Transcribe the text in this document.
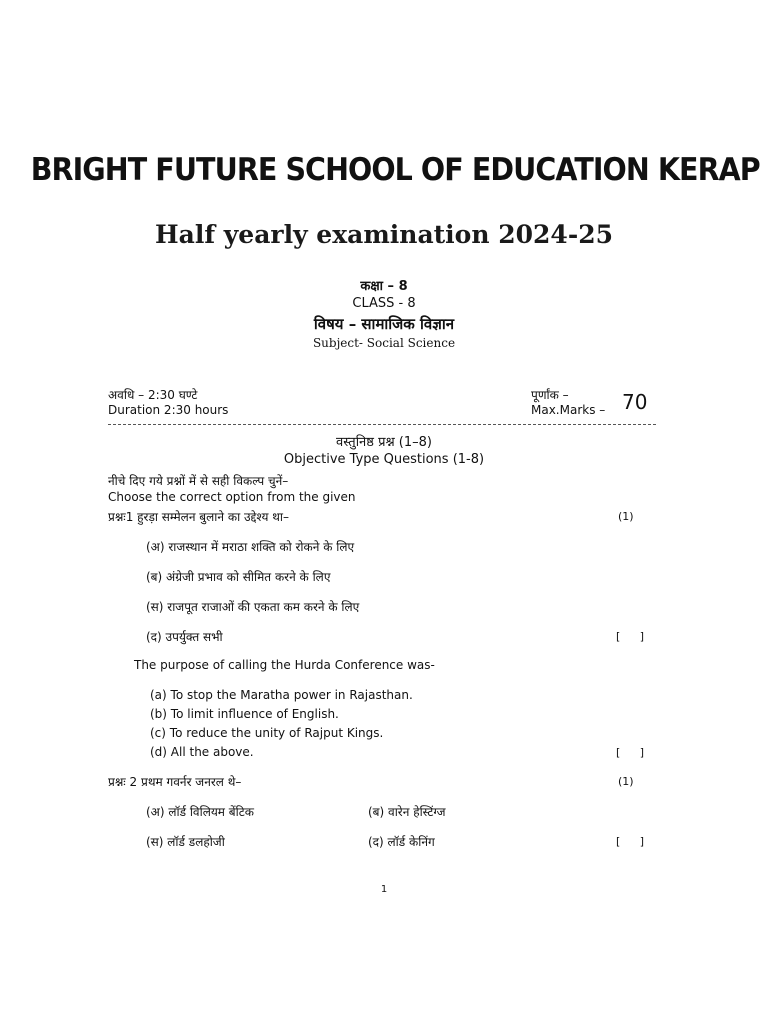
BRIGHT FUTURE SCHOOL OF EDUCATION KERAP
Half yearly examination 2024-25
कक्षा – 8
CLASS - 8
विषय – सामाजिक विज्ञान
Subject- Social Science
अवधि – 2:30 घण्टे
Duration 2:30 hours
पूर्णांक –
Max.Marks – 70
वस्तुनिष्ठ प्रश्न (1–8)
Objective Type Questions (1-8)
नीचे दिए गये प्रश्नों में से सही विकल्प चुनें–
Choose the correct option from the given
प्रश्नः1 हुरड़ा सम्मेलन बुलाने का उद्देश्य था–	(1)
(अ) राजस्थान में मराठा शक्ति को रोकने के लिए
(ब) अंग्रेजी प्रभाव को सीमित करने के लिए
(स) राजपूत राजाओं की एकता कम करने के लिए
(द) उपर्युक्त सभी	[ ]
The purpose of calling the Hurda Conference was-
(a) To stop the Maratha power in Rajasthan.
(b) To limit influence of English.
(c) To reduce the unity of Rajput Kings.
(d) All the above.	[ ]
प्रश्नः 2 प्रथम गवर्नर जनरल थे–	(1)
(अ) लॉर्ड विलियम बेंटिक	(ब) वारेन हेस्टिंग्ज
(स) लॉर्ड डलहोजी	(द) लॉर्ड केनिंग	[ ]
1
